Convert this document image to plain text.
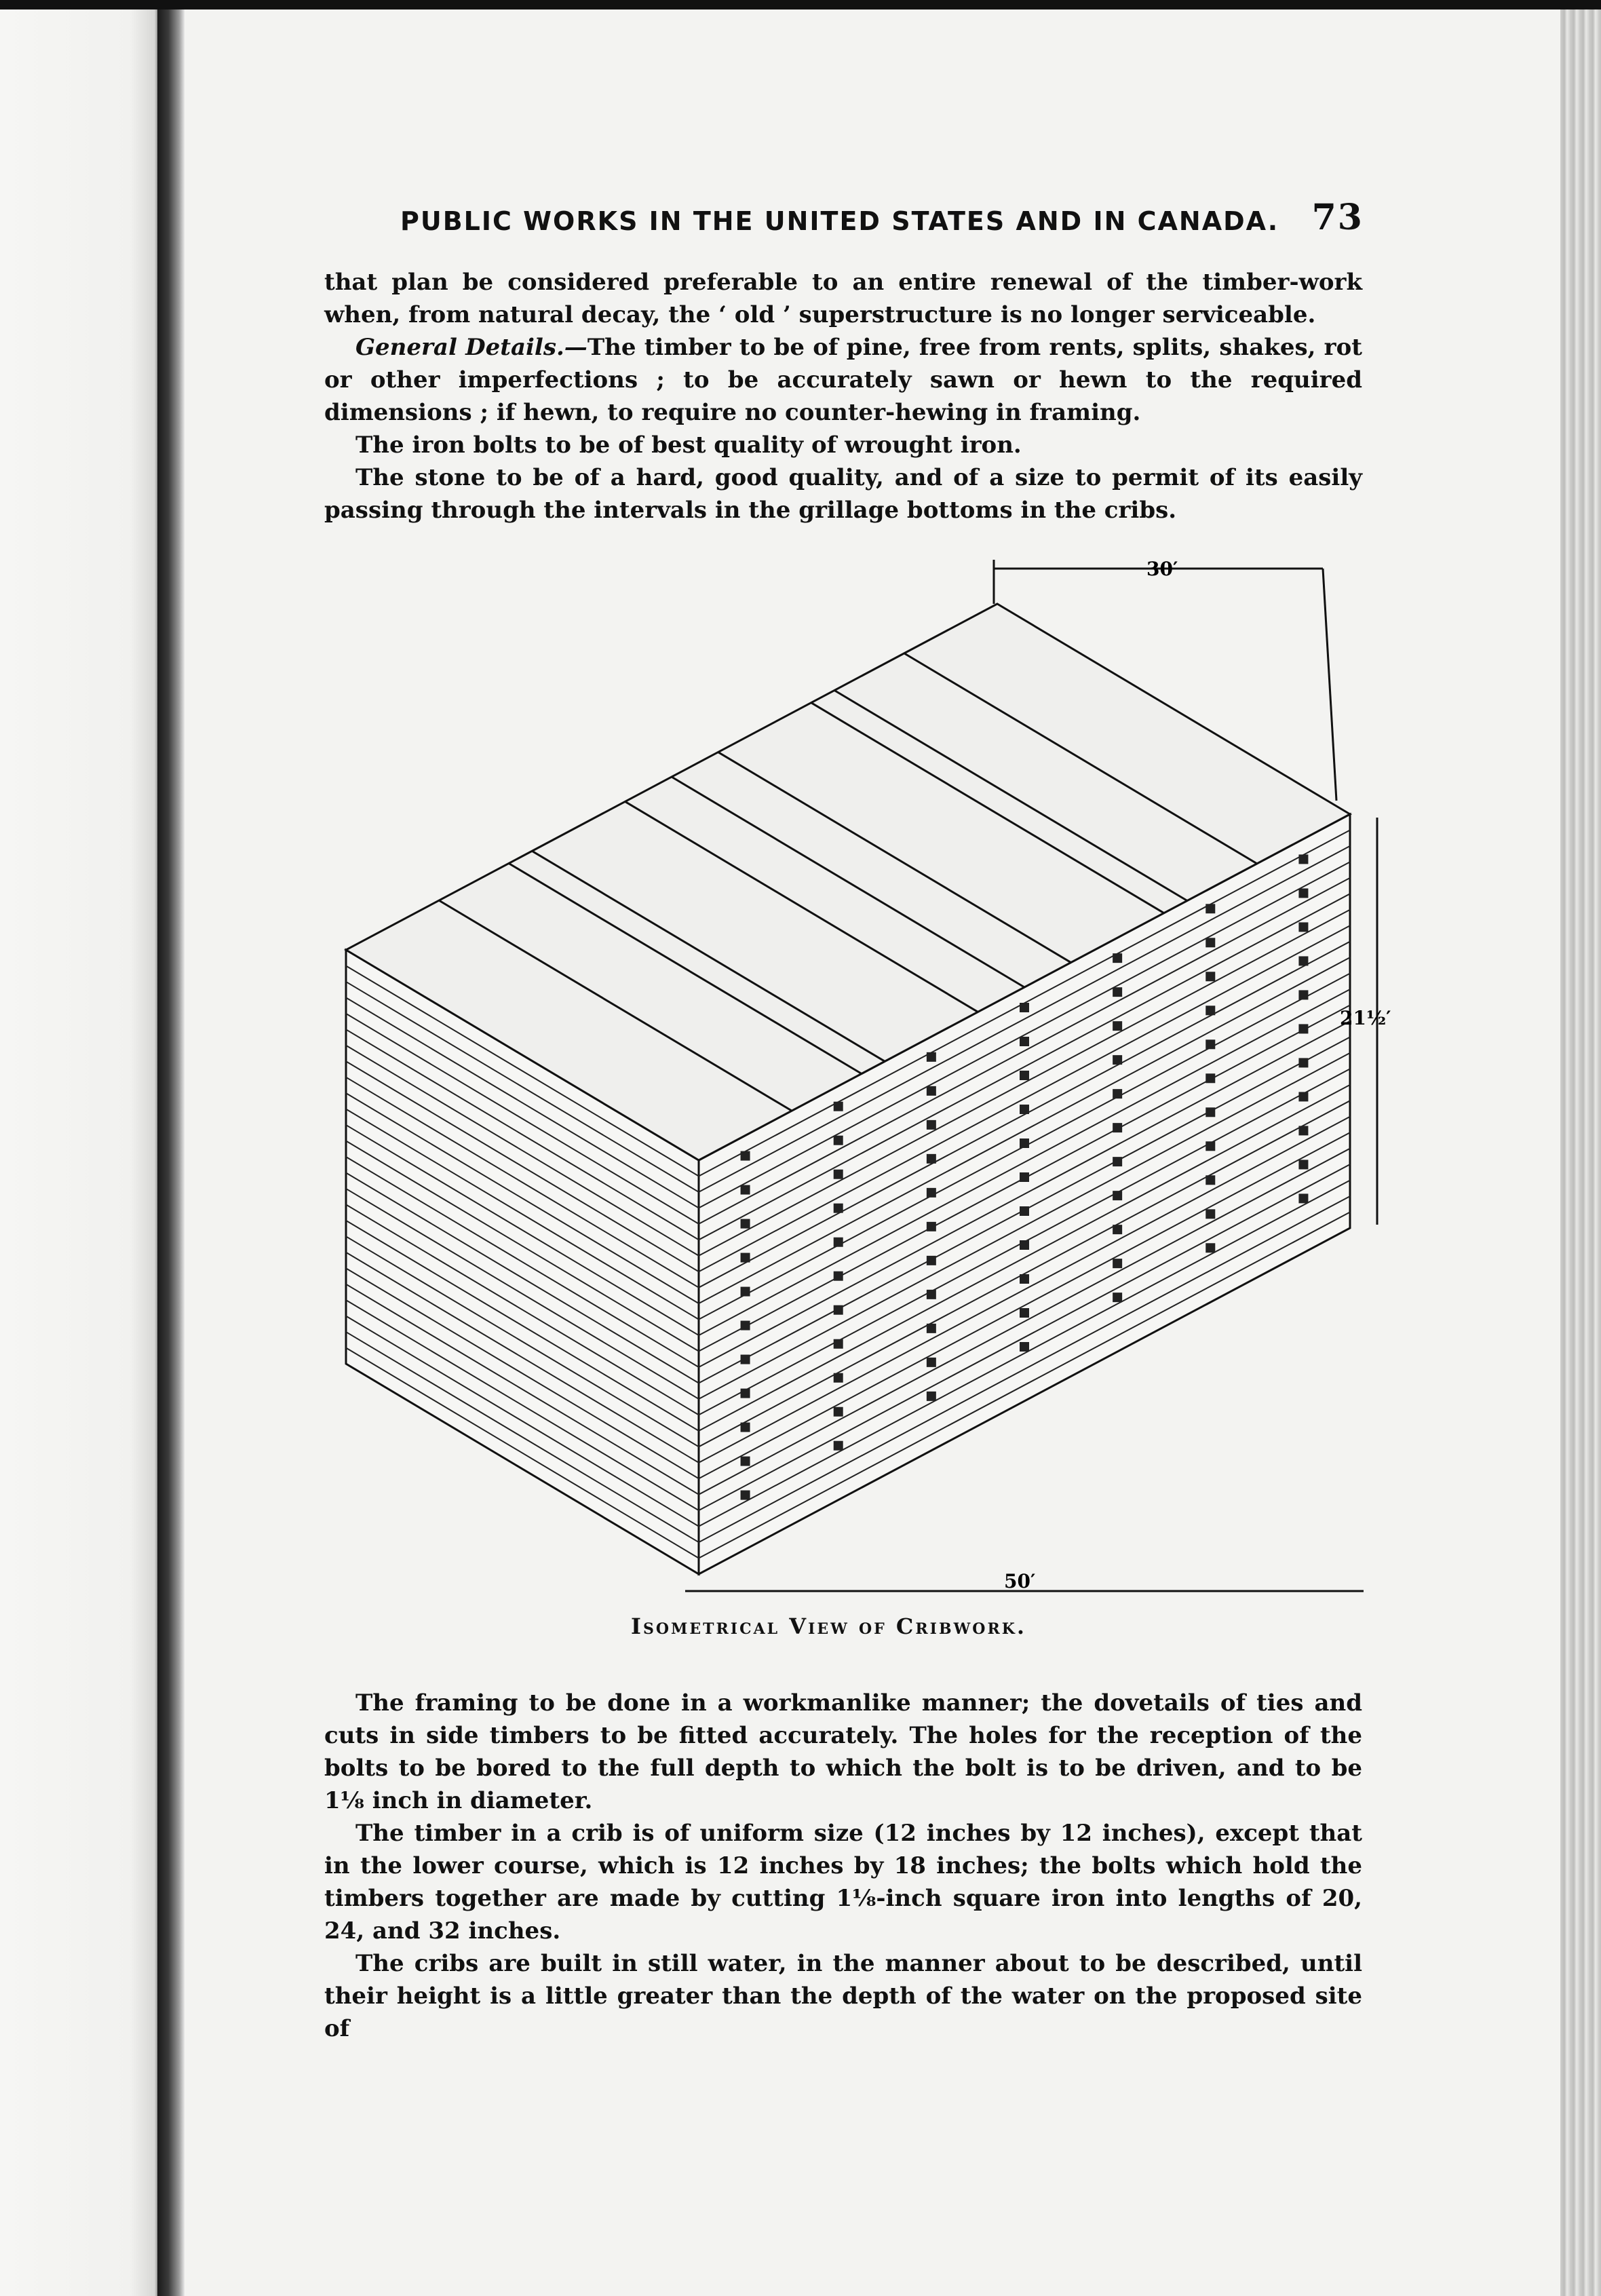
PUBLIC WORKS IN THE UNITED STATES AND IN CANADA. 73

that plan be considered preferable to an entire renewal of the timber-work when, from natural decay, the ‘ old ’ superstructure is no longer serviceable.

General Details.—The timber to be of pine, free from rents, splits, shakes, rot or other imperfections ; to be accurately sawn or hewn to the required dimensions ; if hewn, to require no counter-hewing in framing.

The iron bolts to be of best quality of wrought iron.

The stone to be of a hard, good quality, and of a size to permit of its easily passing through the intervals in the grillage bottoms in the cribs.

30′
21½′
50′
Isometrical View of Cribwork.

The framing to be done in a workmanlike manner; the dovetails of ties and cuts in side timbers to be fitted accurately. The holes for the reception of the bolts to be bored to the full depth to which the bolt is to be driven, and to be 1⅛ inch in diameter.

The timber in a crib is of uniform size (12 inches by 12 inches), except that in the lower course, which is 12 inches by 18 inches; the bolts which hold the timbers together are made by cutting 1⅛-inch square iron into lengths of 20, 24, and 32 inches.

The cribs are built in still water, in the manner about to be described, until their height is a little greater than the depth of the water on the proposed site of
